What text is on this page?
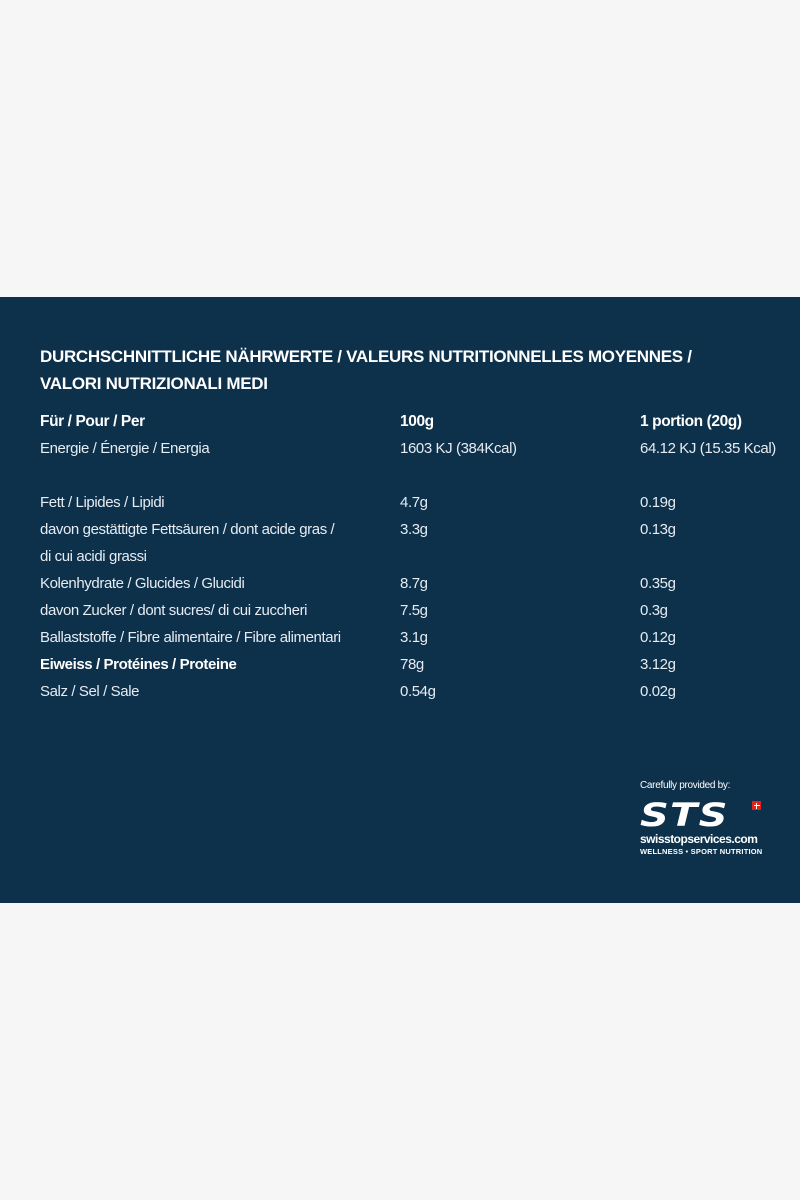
DURCHSCHNITTLICHE NÄHRWERTE / VALEURS NUTRITIONNELLES MOYENNES /
VALORI NUTRIZIONALI MEDI
Für / Pour / Per	100g	1 portion (20g)
Energie / Énergie / Energia	1603 KJ (384Kcal)	64.12 KJ (15.35 Kcal)
Fett / Lipides / Lipidi	4.7g	0.19g
davon gestättigte Fettsäuren / dont acide gras /
di cui acidi grassi
3.3g	0.13g
Kolenhydrate / Glucides / Glucidi	8.7g	0.35g
davon Zucker / dont sucres/ di cui zuccheri	7.5g	0.3g
Ballaststoffe / Fibre alimentaire / Fibre alimentari	3.1g	0.12g
Eiweiss / Protéines / Proteine	78g	3.12g
Salz / Sel / Sale	0.54g	0.02g
Carefully provided by:
STS
swisstopservices.com
WELLNESS • SPORT NUTRITION
